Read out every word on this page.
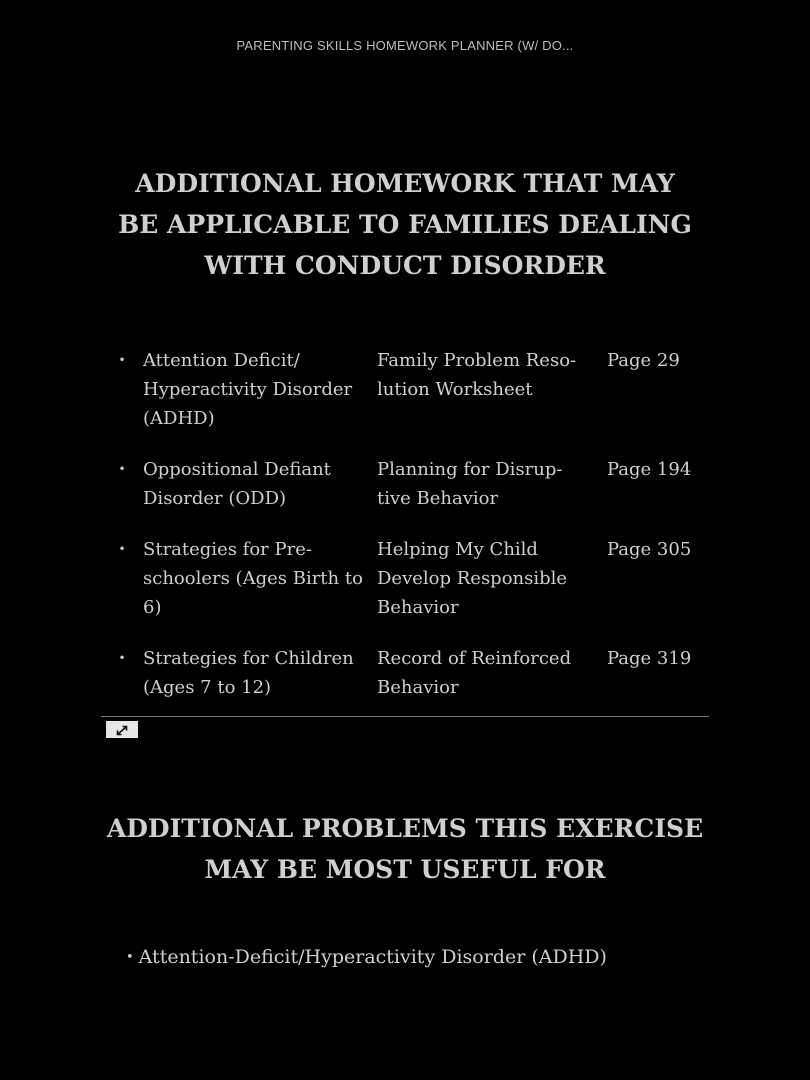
PARENTING SKILLS HOMEWORK PLANNER (W/ DO...
ADDITIONAL HOMEWORK THAT MAY
BE APPLICABLE TO FAMILIES DEALING
WITH CONDUCT DISORDER
•	Attention Deficit/
Hyperactivity Disorder
(ADHD)	Family Problem Reso-
lution Worksheet	Page 29

•	Oppositional Defiant
Disorder (ODD)	Planning for Disrup-
tive Behavior	Page 194

•	Strategies for Pre-
schoolers (Ages Birth to
6)	Helping My Child
Develop Responsible
Behavior	Page 305

•	Strategies for Children
(Ages 7 to 12)	Record of Reinforced
Behavior	Page 319
ADDITIONAL PROBLEMS THIS EXERCISE
MAY BE MOST USEFUL FOR
• Attention-Deficit/Hyperactivity Disorder (ADHD)
